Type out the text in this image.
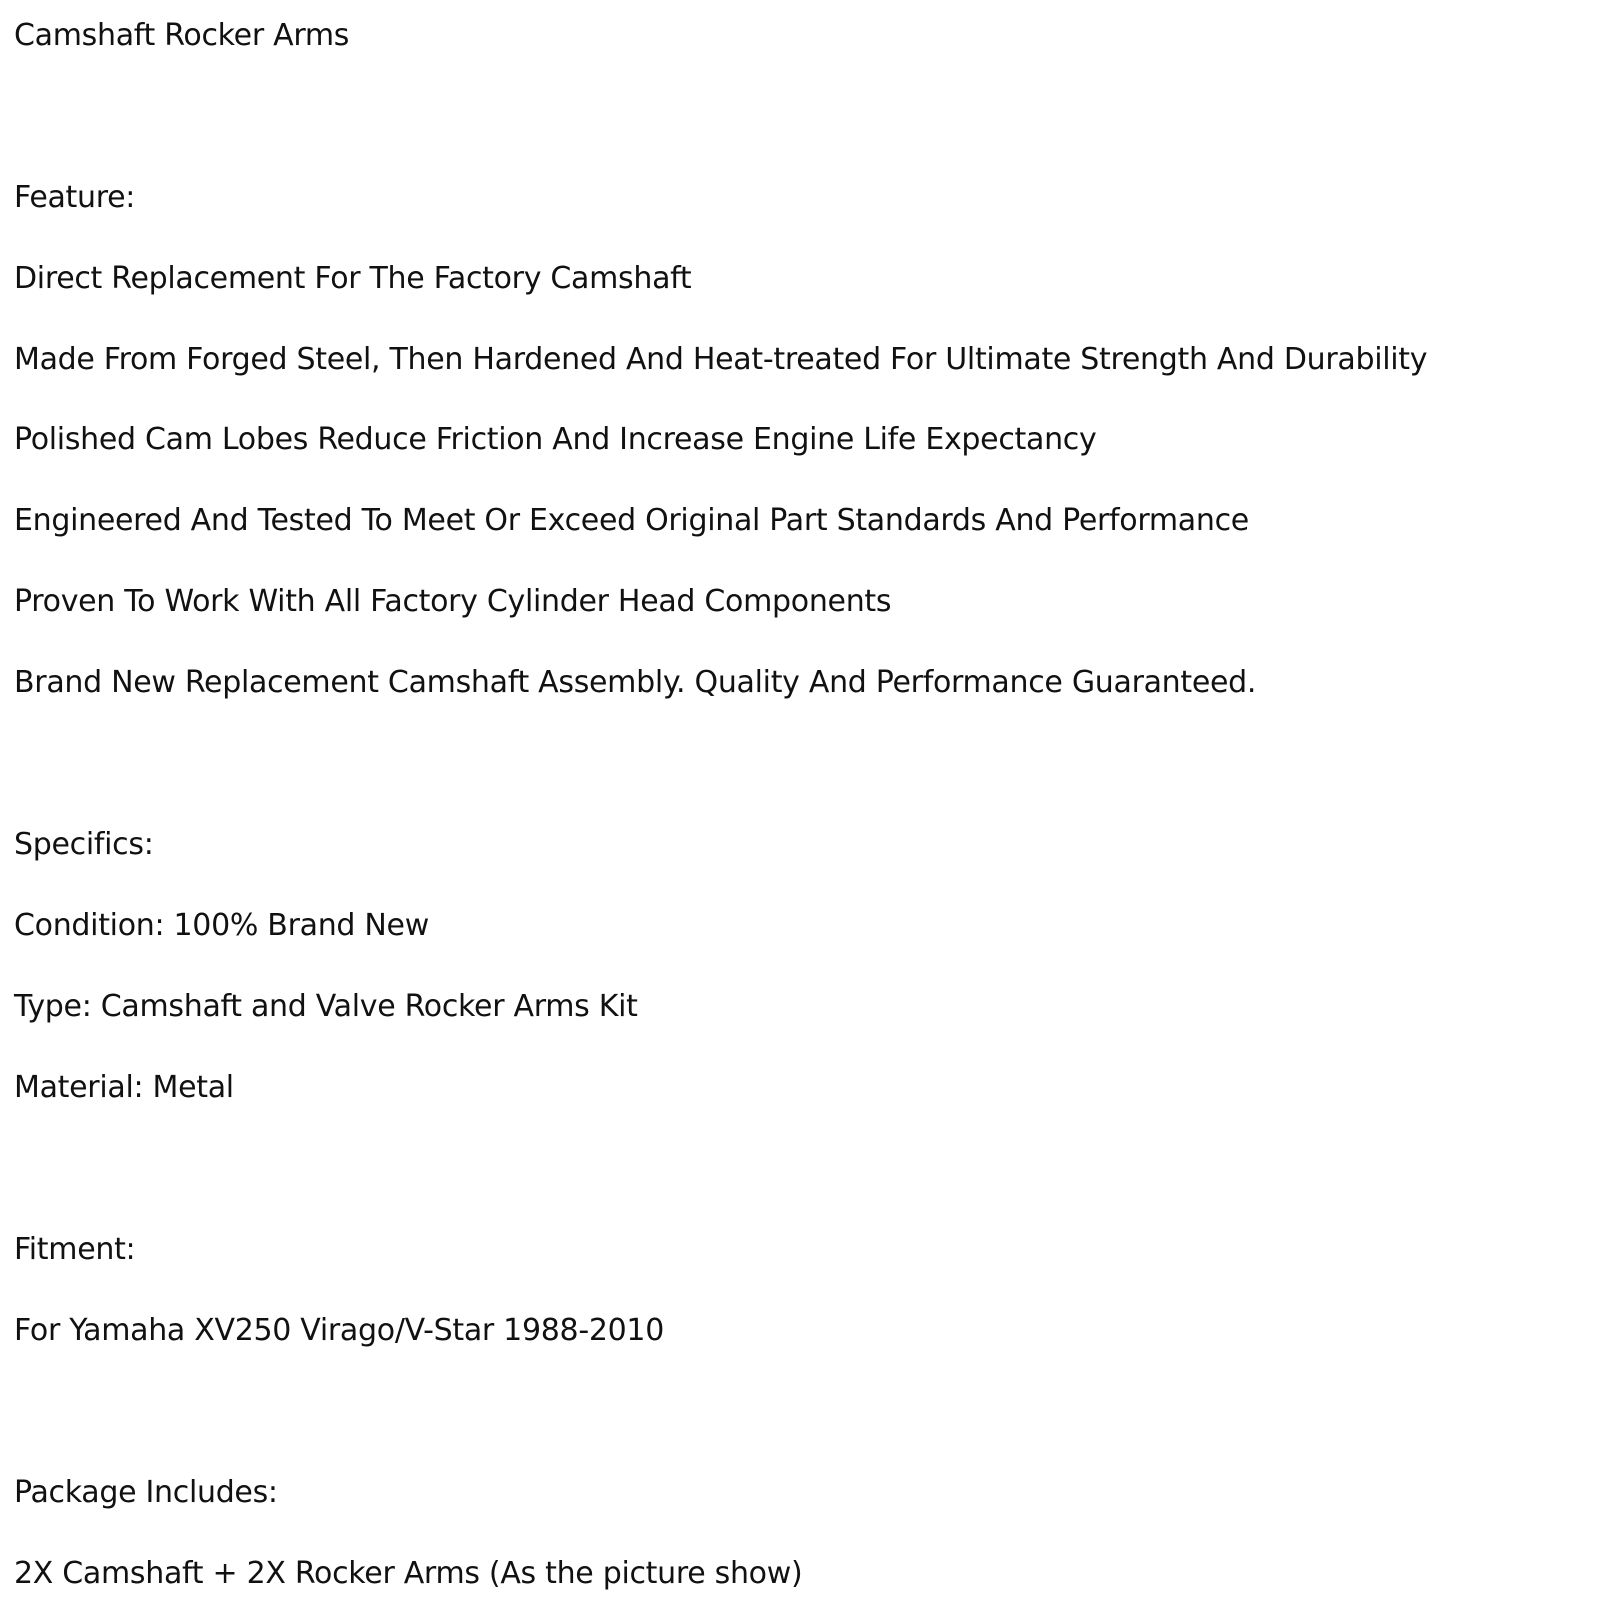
Camshaft Rocker Arms
Feature:
Direct Replacement For The Factory Camshaft
Made From Forged Steel, Then Hardened And Heat-treated For Ultimate Strength And Durability
Polished Cam Lobes Reduce Friction And Increase Engine Life Expectancy
Engineered And Tested To Meet Or Exceed Original Part Standards And Performance
Proven To Work With All Factory Cylinder Head Components
Brand New Replacement Camshaft Assembly. Quality And Performance Guaranteed.
Specifics:
Condition: 100% Brand New
Type: Camshaft and Valve Rocker Arms Kit
Material: Metal
Fitment:
For Yamaha XV250 Virago/V-Star 1988-2010
Package Includes:
2X Camshaft + 2X Rocker Arms (As the picture show)
